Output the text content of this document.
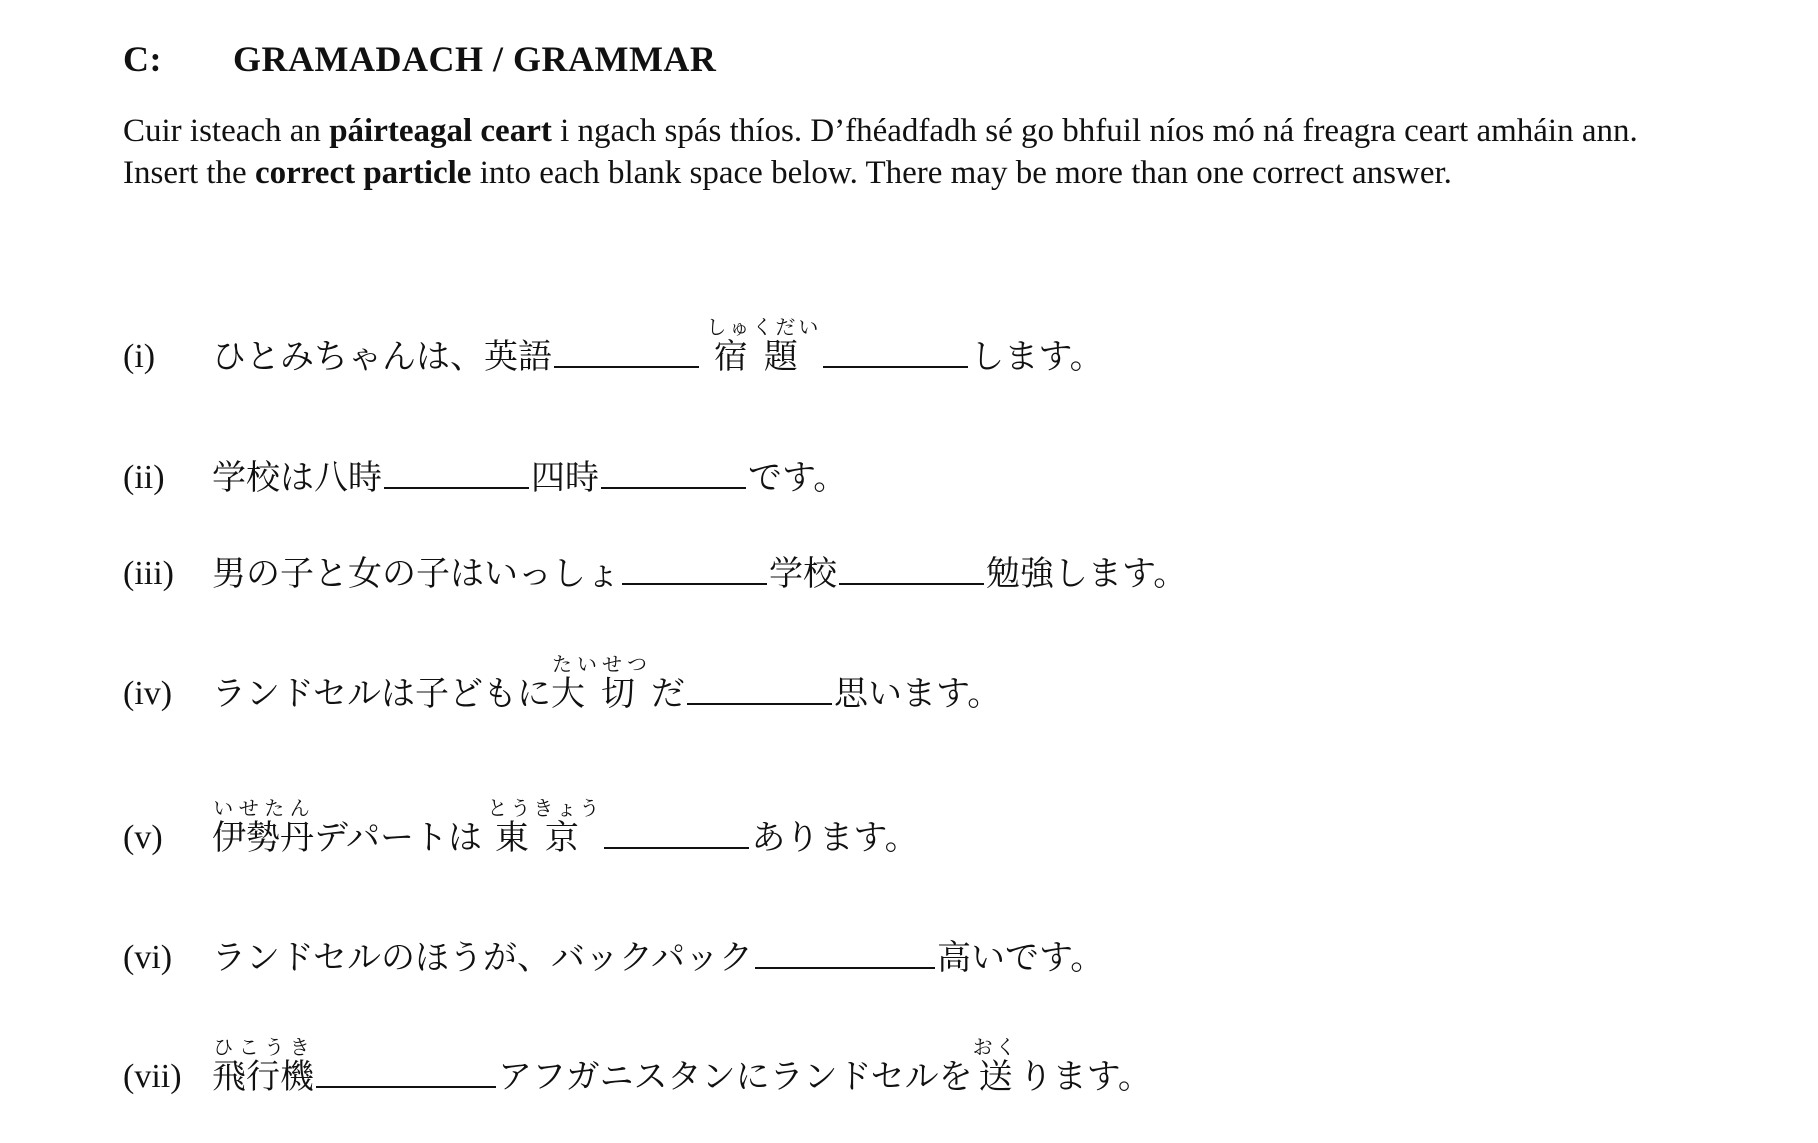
C: GRAMADACH / GRAMMAR

Cuir isteach an páirteagal ceart i ngach spás thíos. D’fhéadfadh sé go bhfuil níos mó ná freagra ceart amháin ann.

Insert the correct particle into each blank space below. There may be more than one correct answer.

(i) ひとみちゃんは、英語	宿題しゅくだいします。
(ii) 学校は八時	四時	です。
(iii) 男の子と女の子はいっしょ	学校	勉強します。
(iv) ランドセルは子どもに大切たいせつだ	思います。
(v) 伊勢丹いせたんデパートは 東京とうきょうあります。
(vi) ランドセルのほうが、バックパック	高いです。
(vii) 飛行機ひこうきアフガニスタンにランドセルを 送おくります。
